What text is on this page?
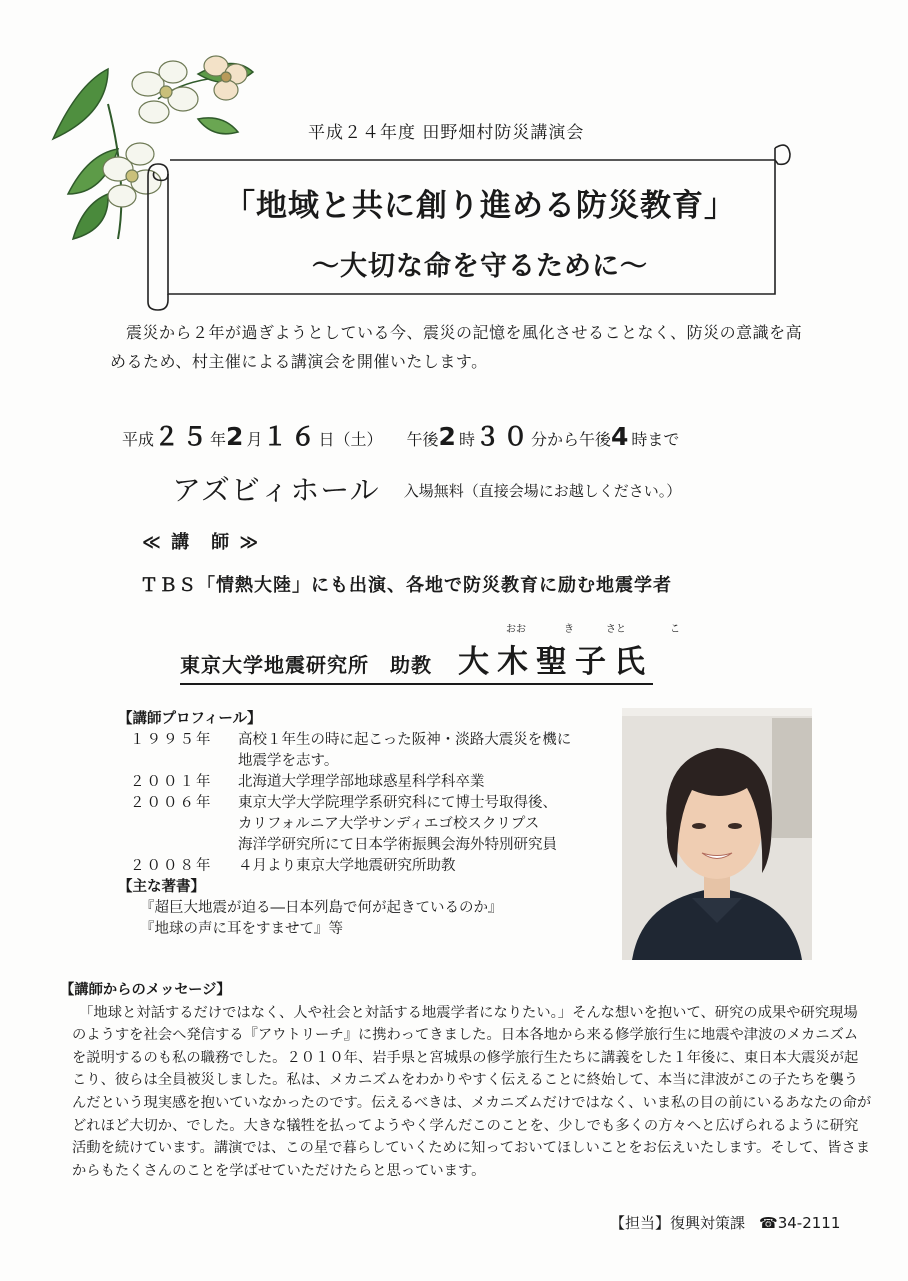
平成２４年度 田野畑村防災講演会
「地域と共に創り進める防災教育」
～大切な命を守るために～
震災から２年が過ぎようとしている今、震災の記憶を風化させることなく、防災の意識を高めるため、村主催による講演会を開催いたします。
平成２５年2月１６日（土） 午後2時３０分から午後4時まで
アズビィホール 入場無料（直接会場にお越しください。）
≪ 講　師 ≫
ＴＢＳ「情熱大陸」にも出演、各地で防災教育に励む地震学者
おお	き	さと	こ
東京大学地震研究所　助教 大木聖子氏
【講師プロフィール】
１９９５年	高校１年生の時に起こった阪神・淡路大震災を機に
地震学を志す。
２００１年	北海道大学理学部地球惑星科学科卒業
２００６年	東京大学大学院理学系研究科にて博士号取得後、
カリフォルニア大学サンディエゴ校スクリプス
海洋学研究所にて日本学術振興会海外特別研究員
２００８年	４月より東京大学地震研究所助教
【主な著書】
『超巨大地震が迫る―日本列島で何が起きているのか』
『地球の声に耳をすませて』等
【講師からのメッセージ】
「地球と対話するだけではなく、人や社会と対話する地震学者になりたい。」そんな想いを抱いて、研究の成果や研究現場のようすを社会へ発信する『アウトリーチ』に携わってきました。日本各地から来る修学旅行生に地震や津波のメカニズムを説明するのも私の職務でした。２０１０年、岩手県と宮城県の修学旅行生たちに講義をした１年後に、東日本大震災が起こり、彼らは全員被災しました。私は、メカニズムをわかりやすく伝えることに終始して、本当に津波がこの子たちを襲うんだという現実感を抱いていなかったのです。伝えるべきは、メカニズムだけではなく、いま私の目の前にいるあなたの命がどれほど大切か、でした。大きな犠牲を払ってようやく学んだこのことを、少しでも多くの方々へと広げられるように研究活動を続けています。講演では、この星で暮らしていくために知っておいてほしいことをお伝えいたします。そして、皆さまからもたくさんのことを学ばせていただけたらと思っています。
【担当】復興対策課 ☎34-2111
